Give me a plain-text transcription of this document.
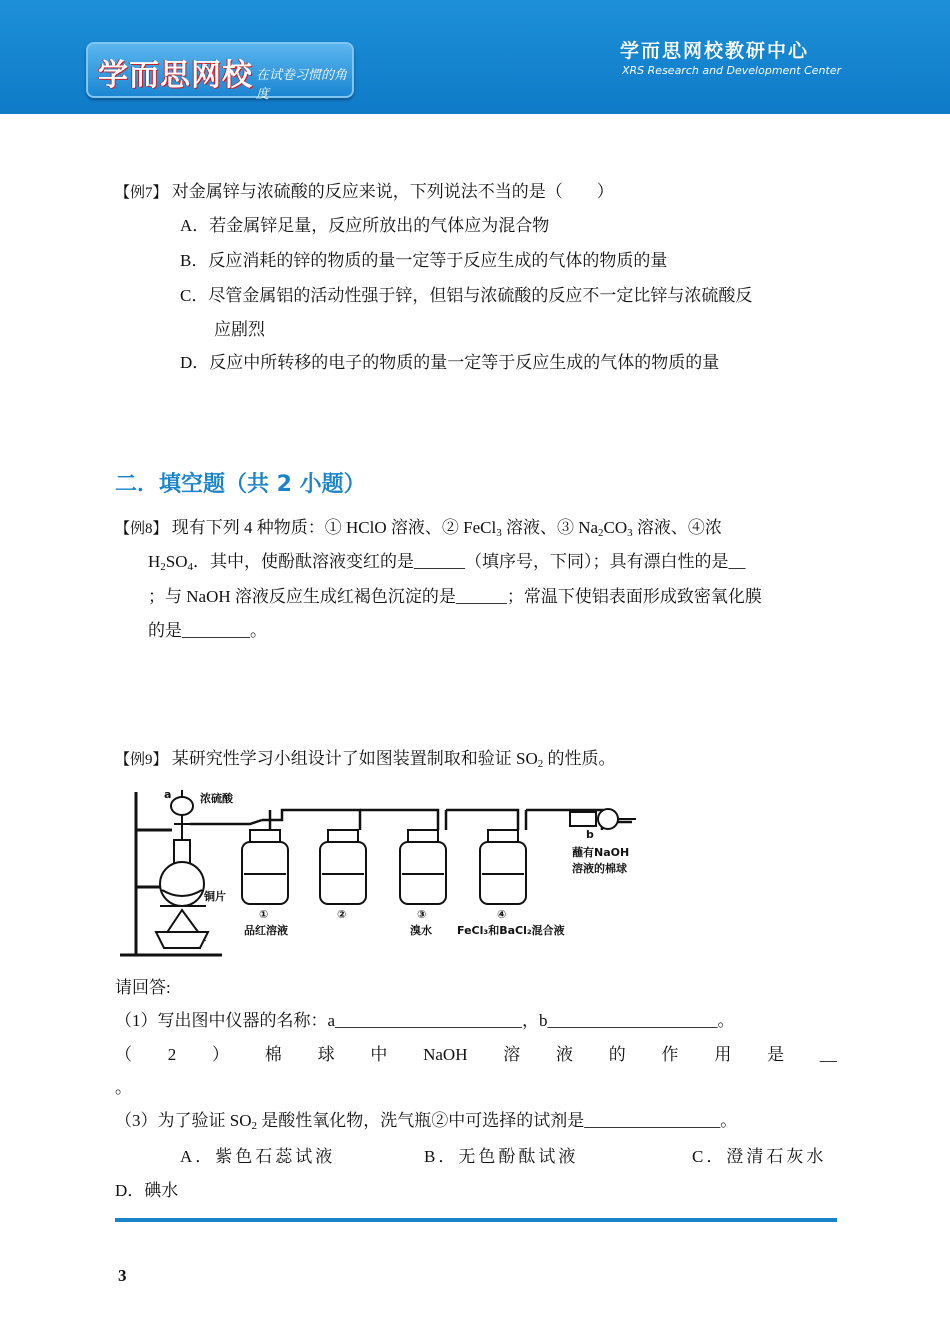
学而思网校 在试卷习惯的角度
学而思网校教研中心
XRS Research and Development Center
【例7】 对金属锌与浓硫酸的反应来说，下列说法不当的是（　　）
A．若金属锌足量，反应所放出的气体应为混合物
B．反应消耗的锌的物质的量一定等于反应生成的气体的物质的量
C．尽管金属铝的活动性强于锌，但铝与浓硫酸的反应不一定比锌与浓硫酸反
应剧烈
D．反应中所转移的电子的物质的量一定等于反应生成的气体的物质的量
二．填空题（共 2 小题）
【例8】 现有下列 4 种物质：① HClO 溶液、② FeCl$_3$ 溶液、③ $Na_2CO_3$ 溶液、④浓
$H_2SO_4$．其中，使酚酞溶液变红的是______（填序号，下同）；具有漂白性的是__
；与 NaOH 溶液反应生成红褐色沉淀的是______；常温下使铝表面形成致密氧化膜
的是________。
【例9】 某研究性学习小组设计了如图装置制取和验证 $SO_2$ 的性质。
a	浓硫酸
铜片
①	②	③	④
品红溶液	溴水 FeCl₃和BaCl₂混合液
b
蘸有NaOH
溶液的棉球
请回答:
（1）写出图中仪器的名称：a______________________，b____________________。
（ 2 ） 棉 球 中 NaOH 溶 液 的 作 用 是 __
。
（3）为了验证 $SO_2$ 是酸性氧化物，洗气瓶②中可选择的试剂是________________。
A．紫色石蕊试液	B．无色酚酞试液	C．澄清石灰水
D．碘水
3
